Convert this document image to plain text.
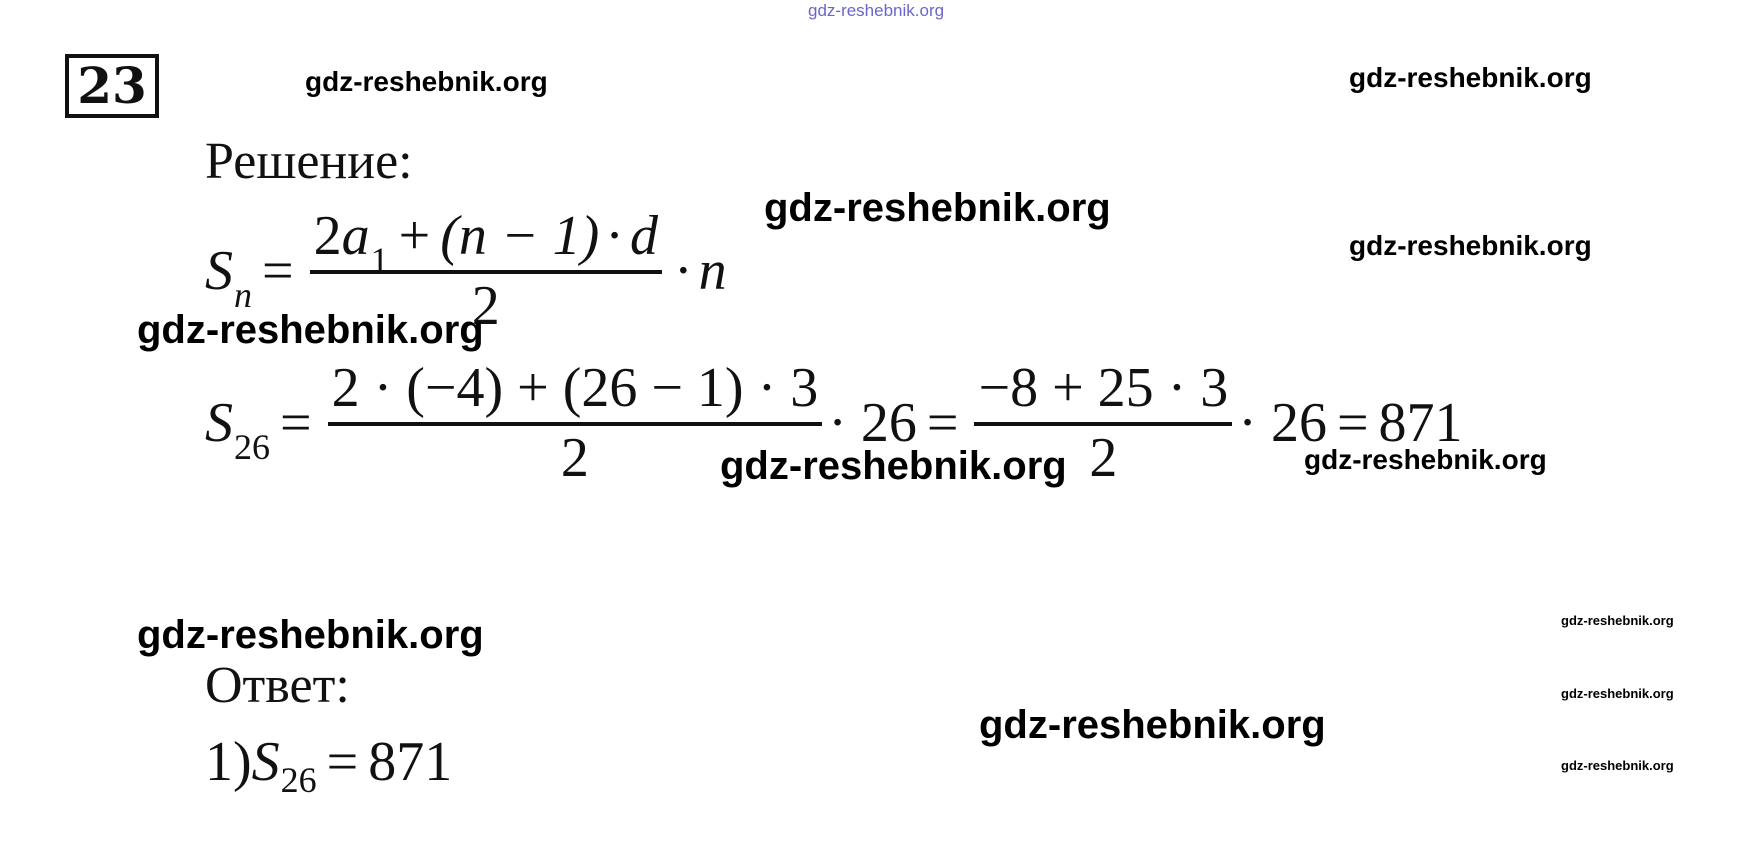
gdz-reshebnik.org
23
Решение:
$S_n = \frac{2 a 1 + (n - 1) \cdot d}{2} \cdot n$
$S_{26} = \frac{2 \cdot (-4) + (26 - 1) \cdot 3}{2} \cdot 26 = \frac{-8 + 25 \cdot 3}{2} \cdot 26 = 871$
Ответ:
1) S 26 = 871
gdz-reshebnik.org	gdz-reshebnik.org
gdz-reshebnik.org
gdz-reshebnik.org
gdz-reshebnik.org
gdz-reshebnik.org	gdz-reshebnik.org
gdz-reshebnik.org	gdz-reshebnik.org
gdz-reshebnik.org
gdz-reshebnik.org
gdz-reshebnik.org
